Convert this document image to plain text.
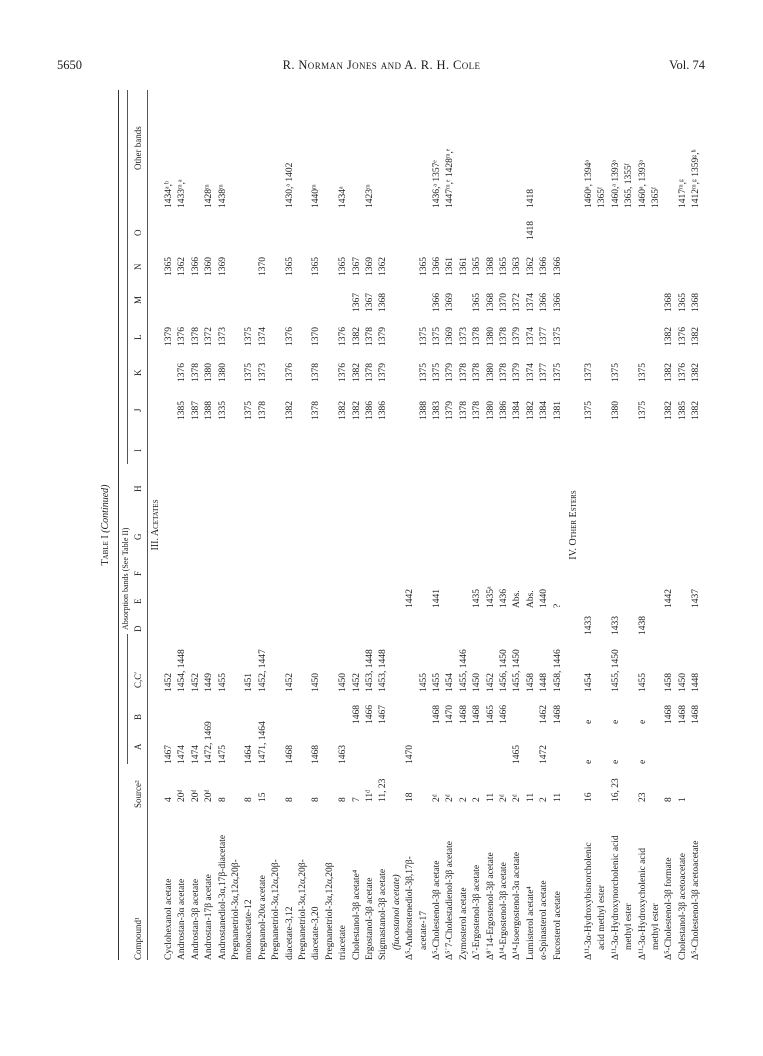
5650	R. Norman Jones and A. R. H. Cole	Vol. 74
Table I (Continued)
Absorption bands (See Table II)
Compound¹
Source²
A
B
C,C′
D
E
F
G
H
I
J
K
L
M
N
O
Other bands
III. Acetates
Cyclohexanol acetate
4
1467
1452
1379
1365
1434ᵃ,ᵇ
Androstan-3α acetate
20ᵈ
1474
1454, 1448
1385
1376
1376
1362
1433ᵐ,ᵃ
Androstan-3β acetate
20ᵈ
1474
1452
1387
1378
1378
1366
Androstan-17β acetate
20ᵈ
1472, 1469
1449
1388
1380
1372
1360
1428ᵐ
Androstanediol-3α,17β-diacetate
8
1475
1455
1335
1380
1373
1369
1438ᵐ
Pregnanetriol-3α,12α,20β- monoacetate-12
8
1464
1451
1375
1375
1375
Pregnanol-20α acetate
15
1471, 1464
1452, 1447
1378
1373
1374
1370
Pregnanetriol-3α,12α,20β- diacetate-3,12
8
1468
1452
1382
1376
1376
1365
1430,ᵃ 1402
Pregnanetriol-3α,12α,20β- diacetate-3,20
8
1468
1450
1378
1378
1370
1365
1440ᵐ
Pregnanetriol-3α,12α,20β triacetate
8
1463
1450
1382
1376
1376
1365
1434ᵃ
Cholestanol-3β acetate⁴
7
1468
1452
1382
1382
1382
1367
1367
Ergostanol-3β acetate
11ᵈ
1466
1453, 1448
1386
1378
1378
1367
1369
1423ᵐ
Stigmastanol-3β acetate
11, 23
1467
1453, 1448
1386
1379
1379
1368
1362
(fucostanol acetate) Δ⁵-Androstenediol-3β,17β-
18
1470
1442
acetate-17
1455
1388
1375
1375
1365
Δ⁵-Cholestenol-3β acetate
2ᵈ
1468
1455
1441
1383
1375
1375
1366
1366
1436,ᵃ 1357ᵉ
Δ⁵˙7-Cholestadienol-3β acetate
2ᵈ
1470
1454
1379
1379
1369
1369
1361
1447ᵐ,ᵉ 1428ᵐ,ᵉ
Zymosterol acetate
2
1468
1455, 1446
1378
1378
1373
1361
Δ⁷-Ergostenol-3β acetate
2
1468
1450
1435
1378
1378
1378
1365
1365
Δ⁸˙14-Ergostenol-3β acetate
11
1465
1452
1435ᵃ
1380
1380
1380
1368
1368
Δ¹⁴-Ergostenol-3β acetate
2ᵈ
1466
1456, 1450
1436
1386
1378
1378
1370
1365
Δ¹⁴-Isoergostenol-3α acetate
2ᵈ
1465
1455, 1450
Abs.
1384
1379
1379
1372
1363
Lumisterol acetate⁴
11
1458
Abs.
1382
1374
1374
1374
1362
1418
1418
α-Spinasterol acetate
2
1472
1462
1448
1440
1384
1377
1377
1366
1366
Fucosterol acetate
11
1468
1458, 1446
?
1381
1375
1375
1366
1366
IV. Other Esters
Δ¹¹-3α-Hydroxybisnorcholenic
16
e
e
1454
1433
1375
1373
1460ᵃ, 1394ᵃ
acid methyl ester
1365ᶠ
Δ¹¹-3α-Hydroxynorcholenic acid
16, 23
e
e
1455, 1450
1433
1380
1375
1460,ᵃ 1393ᵃ
methyl ester
1365, 1355ᶠ
Δ¹¹-3α-Hydroxycholenic acid
23
e
e
1455
1438
1375
1375
1460ᵃ, 1393ᵃ
methyl ester
1365ᶠ
Δ⁵-Cholestenol-3β formate
8
1468
1458
1442
1382
1382
1382
1368
Cholestanol-3β acetoacetate
1
1468
1450
1385
1376
1376
1365
1417ᵐ,ᵍ
Δ⁵-Cholestenol-3β acetoacetate
1468
1448
1437
1382
1382
1382
1368
1412ᵐ,ᵍ 1359ᵍ,ʰ
